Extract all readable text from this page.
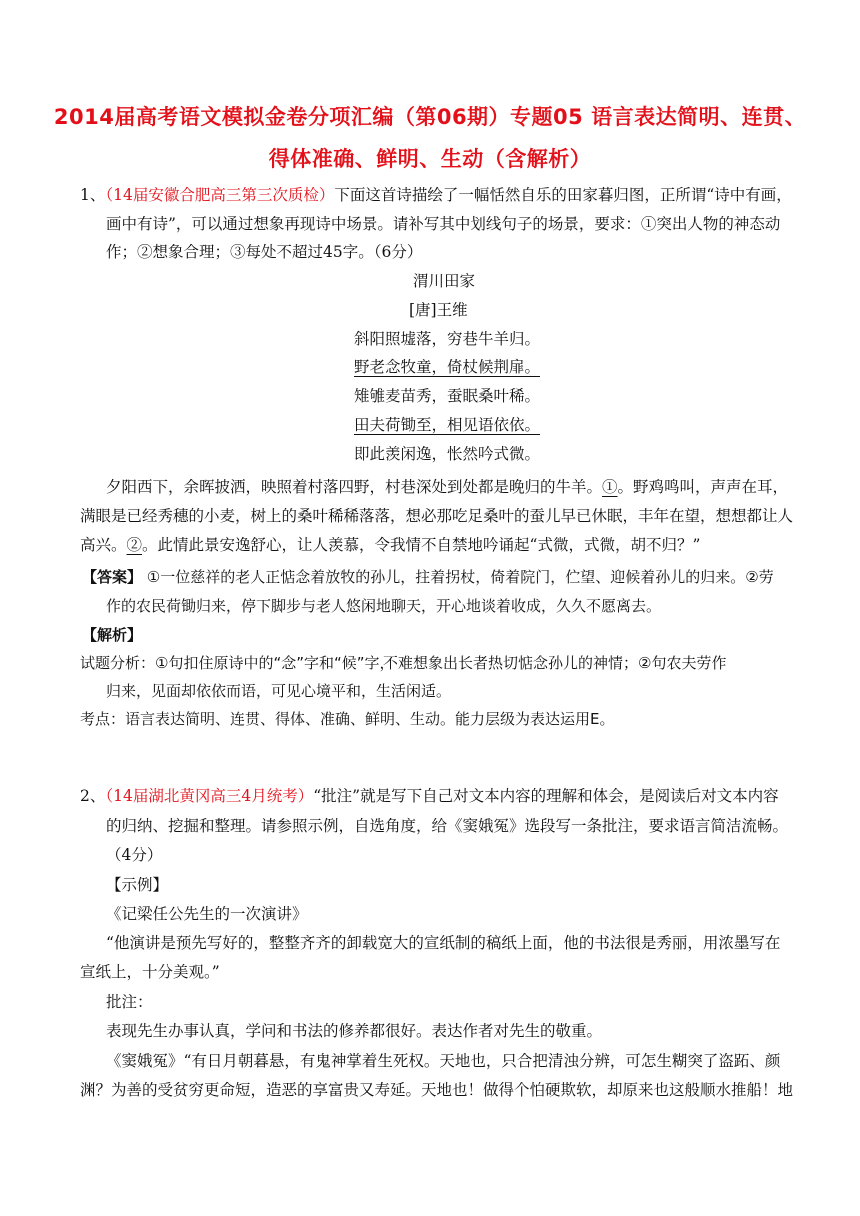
2014届高考语文模拟金卷分项汇编（第06期）专题05 语言表达简明、连贯、
得体准确、鲜明、生动（含解析）
1、（14届安徽合肥高三第三次质检）下面这首诗描绘了一幅恬然自乐的田家暮归图，正所谓“诗中有画，
画中有诗”，可以通过想象再现诗中场景。请补写其中划线句子的场景，要求：①突出人物的神态动
作；②想象合理；③每处不超过45字。（6分）
渭川田家
[唐]王维
斜阳照墟落，穷巷牛羊归。
野老念牧童，倚杖候荆扉。
雉雊麦苗秀，蚕眠桑叶稀。
田夫荷锄至，相见语依依。
即此羡闲逸，怅然吟式微。
夕阳西下，余晖披洒，映照着村落四野，村巷深处到处都是晚归的牛羊。①。野鸡鸣叫，声声在耳，
满眼是已经秀穗的小麦，树上的桑叶稀稀落落，想必那吃足桑叶的蚕儿早已休眠，丰年在望，想想都让人
高兴。②。此情此景安逸舒心，让人羡慕，令我情不自禁地吟诵起“式微，式微，胡不归？”
【答案】 ①一位慈祥的老人正惦念着放牧的孙儿，拄着拐杖，倚着院门，伫望、迎候着孙儿的归来。②劳
作的农民荷锄归来，停下脚步与老人悠闲地聊天，开心地谈着收成，久久不愿离去。
【解析】
试题分析：①句扣住原诗中的“念”字和“候”字，
不难想象出长者热切惦念孙儿的神情；②句农夫劳作
归来，见面却依依而语，可见心境平和，生活闲适。
考点：语言表达简明、连贯、得体、准确、鲜明、生动。能力层级为表达运用E。
2、（14届湖北黄冈高三4月统考）“批注”就是写下自己对文本内容的理解和体会，是阅读后对文本内容
的归纳、挖掘和整理。请参照示例，自选角度，给《窦娥冤》选段写一条批注，要求语言简洁流畅。
（4分）
【示例】
《记梁任公先生的一次演讲》
“他演讲是预先写好的，整整齐齐的卸载宽大的宣纸制的稿纸上面，他的书法很是秀丽，用浓墨写在
宣纸上，十分美观。”
批注：
表现先生办事认真，学问和书法的修养都很好。表达作者对先生的敬重。
《窦娥冤》“有日月朝暮悬，有鬼神掌着生死权。天地也，只合把清浊分辨，可怎生糊突了盗跖、颜
渊？为善的受贫穷更命短，造恶的享富贵又寿延。天地也！做得个怕硬欺软，却原来也这般顺水推船！地
